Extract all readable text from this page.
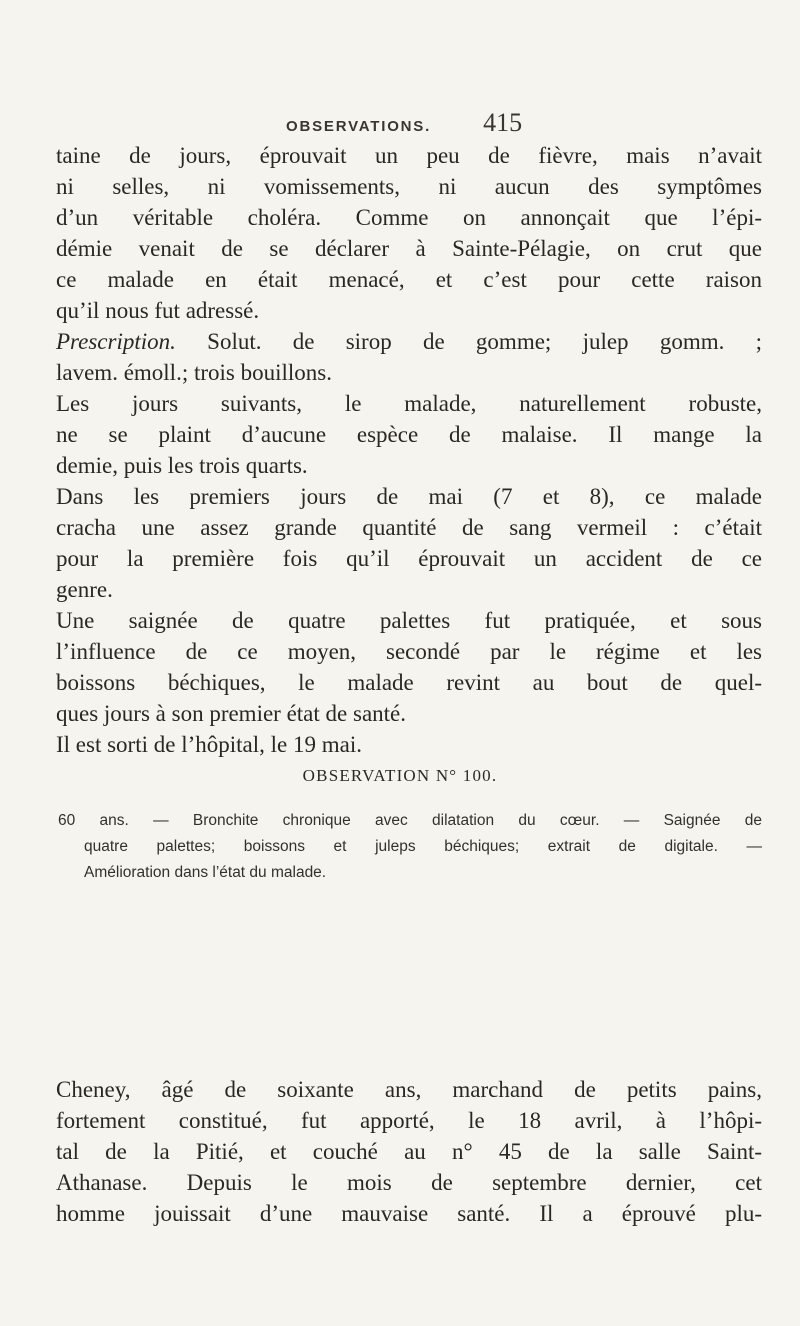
OBSERVATIONS. 415
taine de jours, éprouvait un peu de fièvre, mais n’avait
ni selles, ni vomissements, ni aucun des symptômes
d’un véritable choléra. Comme on annonçait que l’épi-
démie venait de se déclarer à Sainte-Pélagie, on crut que
ce malade en était menacé, et c’est pour cette raison
qu’il nous fut adressé.
Prescription. Solut. de sirop de gomme; julep gomm. ;
lavem. émoll.; trois bouillons.
Les jours suivants, le malade, naturellement robuste,
ne se plaint d’aucune espèce de malaise. Il mange la
demie, puis les trois quarts.
Dans les premiers jours de mai (7 et 8), ce malade
cracha une assez grande quantité de sang vermeil : c’était
pour la première fois qu’il éprouvait un accident de ce
genre.
Une saignée de quatre palettes fut pratiquée, et sous
l’influence de ce moyen, secondé par le régime et les
boissons béchiques, le malade revint au bout de quel-
ques jours à son premier état de santé.
Il est sorti de l’hôpital, le 19 mai.
OBSERVATION N° 100.
60 ans. — Bronchite chronique avec dilatation du cœur. — Saignée de
quatre palettes; boissons et juleps béchiques; extrait de digitale. —
Amélioration dans l’état du malade.
Cheney, âgé de soixante ans, marchand de petits pains,
fortement constitué, fut apporté, le 18 avril, à l’hôpi-
tal de la Pitié, et couché au n° 45 de la salle Saint-
Athanase. Depuis le mois de septembre dernier, cet
homme jouissait d’une mauvaise santé. Il a éprouvé plu-
